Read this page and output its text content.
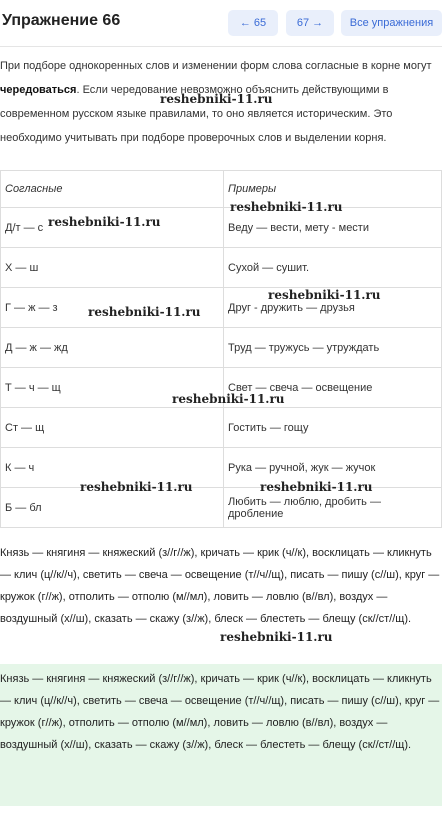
Упражнение 66	← 65	67 →	Все упражнения
При подборе однокоренных слов и изменении форм слова согласные в корне могут чередоваться. Если чередование невозможно объяснить действующими в современном русском языке правилами, то оно является историческим. Это необходимо учитывать при подборе проверочных слов и выделении корня.
Согласные	Примеры
Д/т — с	Веду — вести, мету - мести
Х — ш	Сухой — сушит.
Г — ж — з	Друг - дружить — друзья
Д — ж — жд	Труд — тружусь — утруждать
Т — ч — щ	Свет — свеча — освещение
Ст — щ	Гостить — гощу
К — ч	Рука — ручной, жук — жучок
Б — бл	Любить — люблю, дробить — дробление
Князь — княгиня — княжеский (з//г//ж), кричать — крик (ч//к), восклицать — кликнуть — клич (ц//к//ч), светить — свеча — освещение (т//ч//щ), писать — пишу (с//ш), круг — кружок (г//ж), отполить — отполю (м//мл), ловить — ловлю (в//вл), воздух — воздушный (х//ш), сказать — скажу (з//ж), блеск — блестеть — блещу (ск//ст//щ).
Князь — княгиня — княжеский (з//г//ж), кричать — крик (ч//к), восклицать — кликнуть — клич (ц//к//ч), светить — свеча — освещение (т//ч//щ), писать — пишу (с//ш), круг — кружок (г//ж), отполить — отполю (м//мл), ловить — ловлю (в//вл), воздух — воздушный (х//ш), сказать — скажу (з//ж), блеск — блестеть — блещу (ск//ст//щ).
reshebniki-11.ru
reshebniki-11.ru
reshebniki-11.ru
reshebniki-11.ru
reshebniki-11.ru
reshebniki-11.ru
reshebniki-11.ru	reshebniki-11.ru
reshebniki-11.ru
